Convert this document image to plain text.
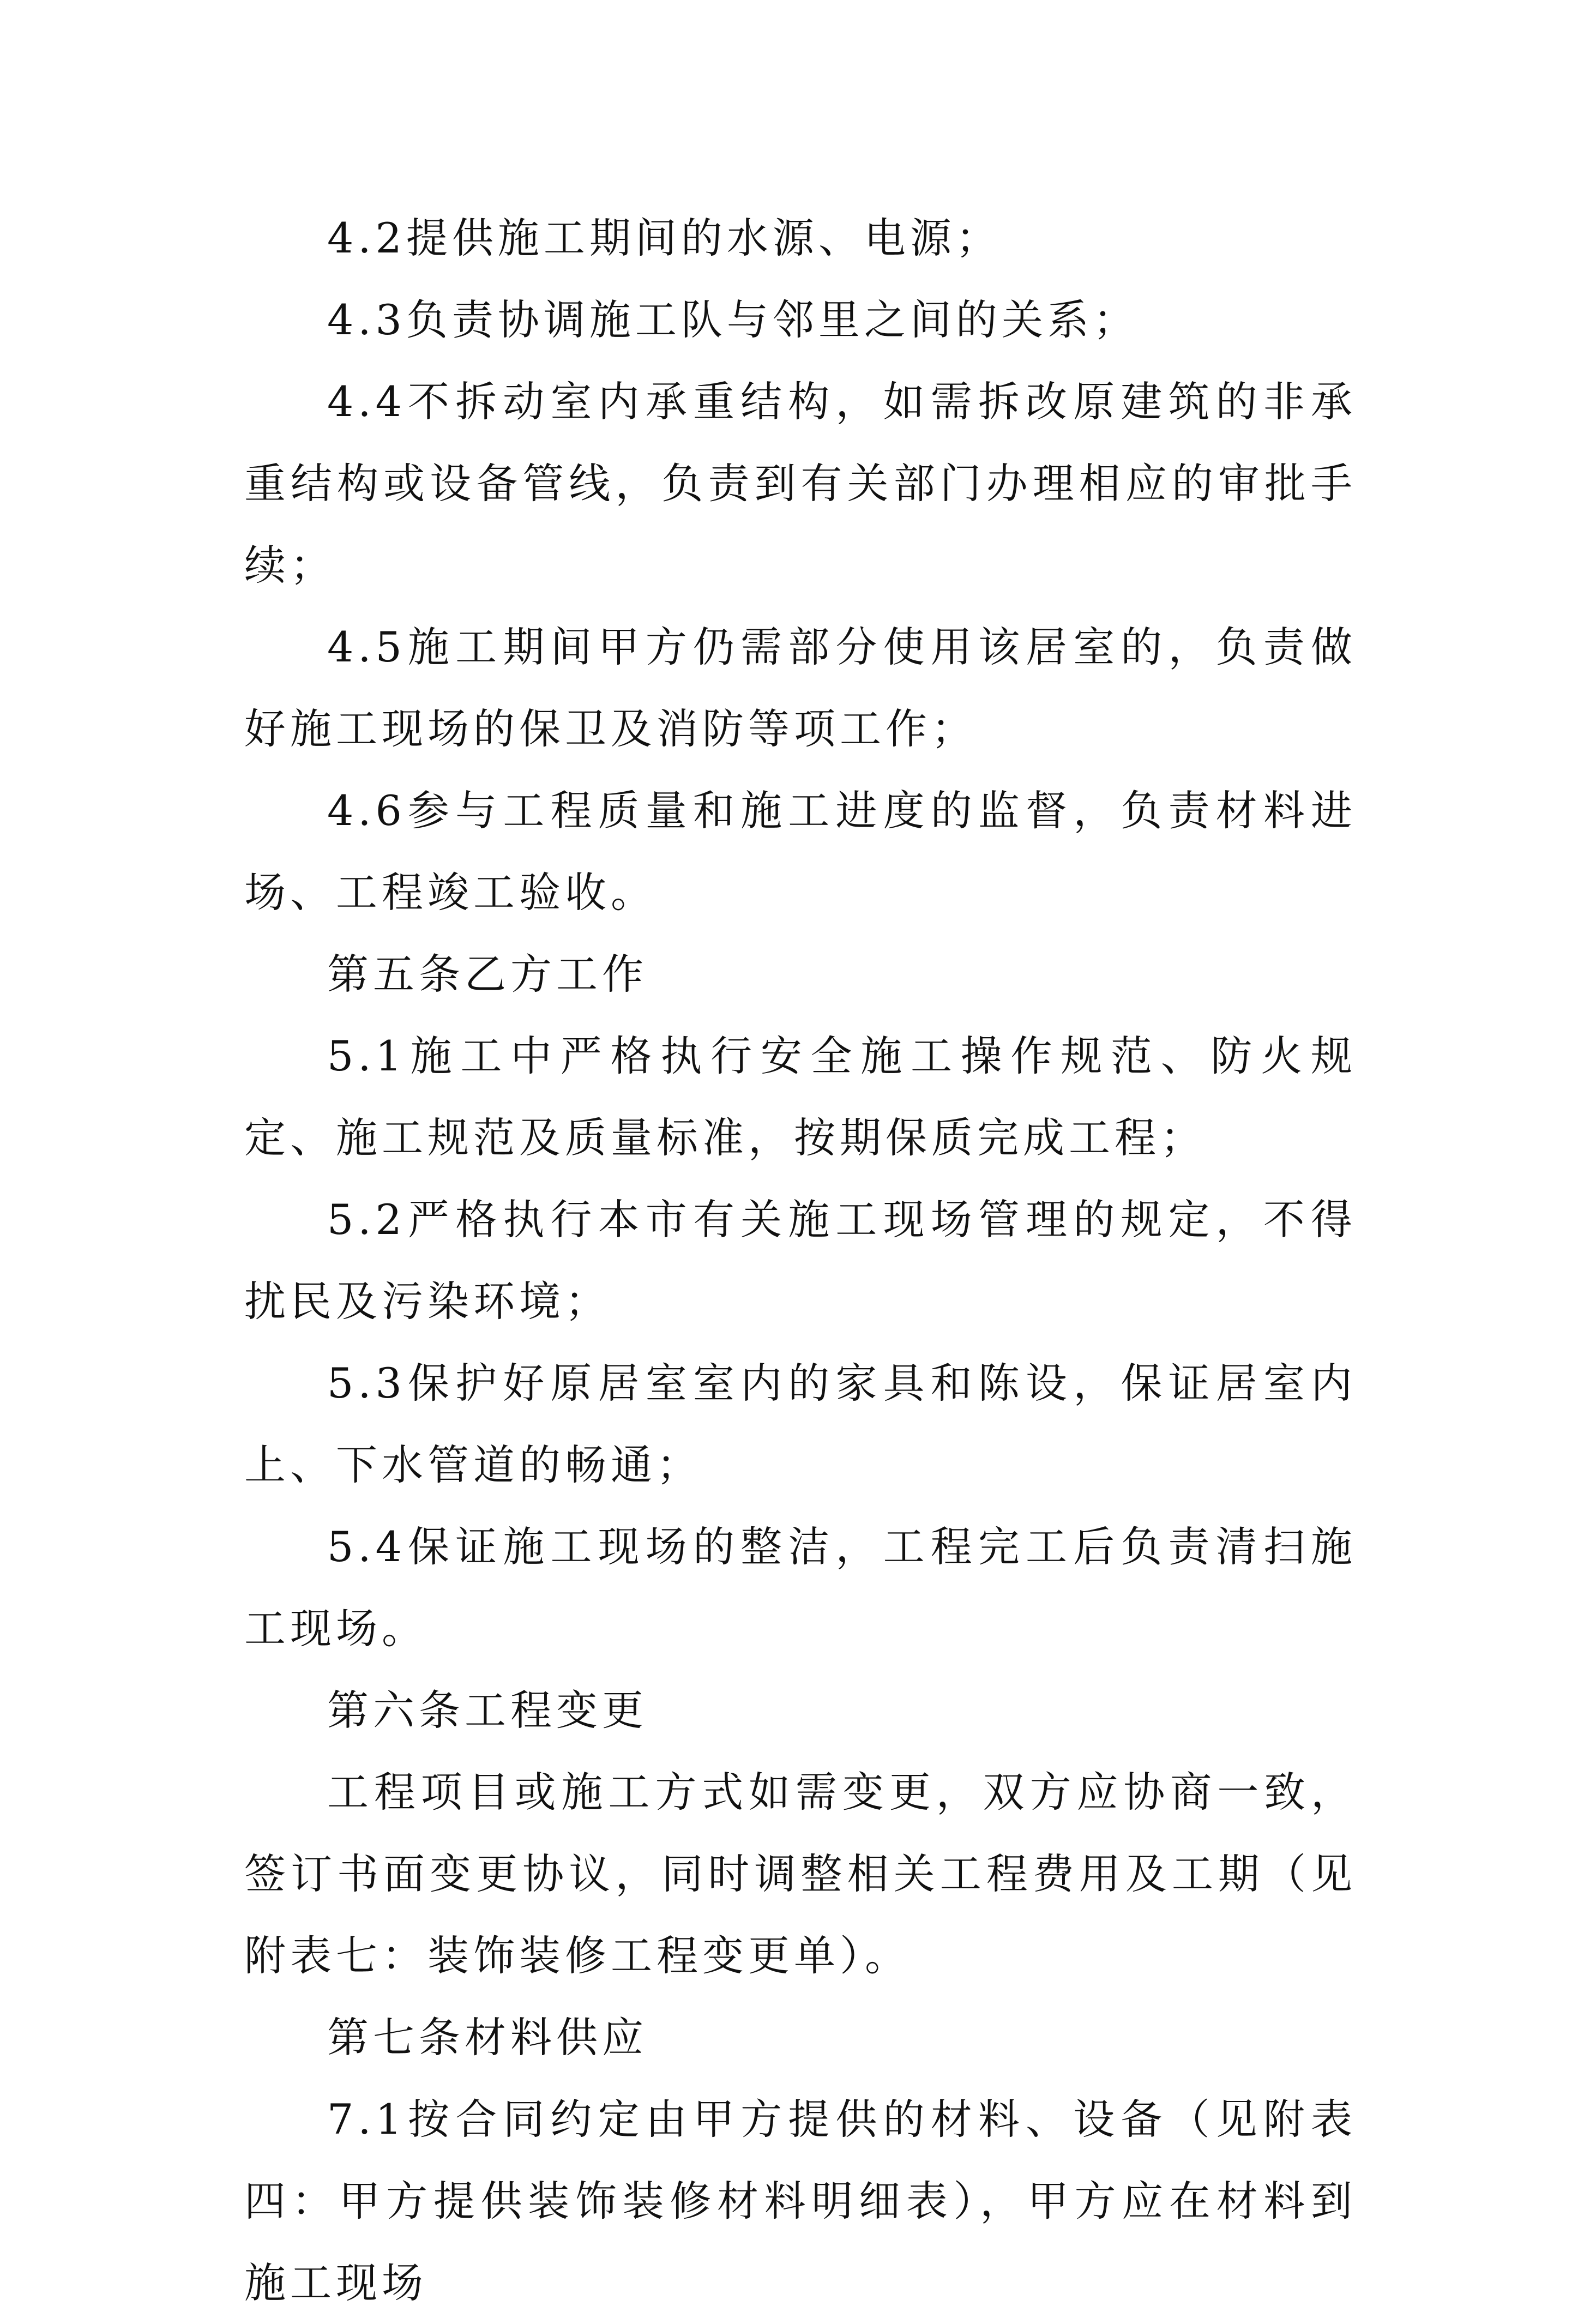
4.2提供施工期间的水源、电源；

4.3负责协调施工队与邻里之间的关系；

4.4不拆动室内承重结构，如需拆改原建筑的非承重结构或设备管线，负责到有关部门办理相应的审批手续；

4.5施工期间甲方仍需部分使用该居室的，负责做好施工现场的保卫及消防等项工作；

4.6参与工程质量和施工进度的监督，负责材料进场、工程竣工验收。

第五条乙方工作

5.1施工中严格执行安全施工操作规范、防火规定、施工规范及质量标准，按期保质完成工程；

5.2严格执行本市有关施工现场管理的规定，不得扰民及污染环境；

5.3保护好原居室室内的家具和陈设，保证居室内上、下水管道的畅通；

5.4保证施工现场的整洁，工程完工后负责清扫施工现场。

第六条工程变更

工程项目或施工方式如需变更，双方应协商一致，签订书面变更协议，同时调整相关工程费用及工期（见附表七：装饰装修工程变更单）。

第七条材料供应

7.1按合同约定由甲方提供的材料、设备（见附表四：甲方提供装饰装修材料明细表），甲方应在材料到施工现场
